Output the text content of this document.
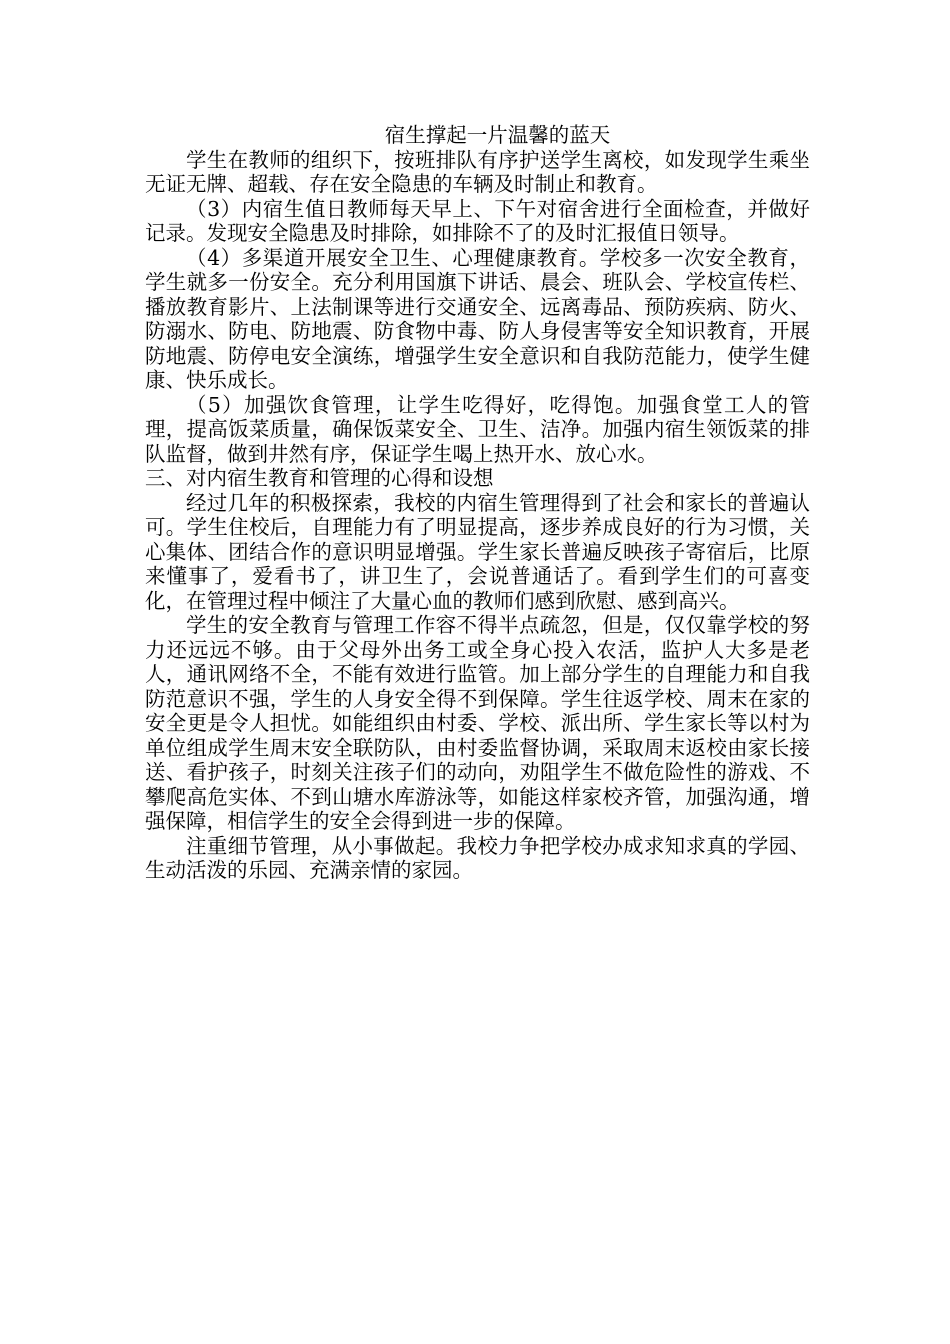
宿生撑起一片温馨的蓝天

学生在教师的组织下，按班排队有序护送学生离校，如发现学生乘坐无证无牌、超载、存在安全隐患的车辆及时制止和教育。

（3）内宿生值日教师每天早上、下午对宿舍进行全面检查，并做好记录。发现安全隐患及时排除，如排除不了的及时汇报值日领导。

（4）多渠道开展安全卫生、心理健康教育。学校多一次安全教育，学生就多一份安全。充分利用国旗下讲话、晨会、班队会、学校宣传栏、播放教育影片、上法制课等进行交通安全、远离毒品、预防疾病、防火、防溺水、防电、防地震、防食物中毒、防人身侵害等安全知识教育，开展防地震、防停电安全演练，增强学生安全意识和自我防范能力，使学生健康、快乐成长。

（5）加强饮食管理，让学生吃得好，吃得饱。加强食堂工人的管理，提高饭菜质量，确保饭菜安全、卫生、洁净。加强内宿生领饭菜的排队监督，做到井然有序，保证学生喝上热开水、放心水。

三、对内宿生教育和管理的心得和设想

经过几年的积极探索，我校的内宿生管理得到了社会和家长的普遍认可。学生住校后，自理能力有了明显提高，逐步养成良好的行为习惯，关心集体、团结合作的意识明显增强。学生家长普遍反映孩子寄宿后，比原来懂事了，爱看书了，讲卫生了，会说普通话了。看到学生们的可喜变化，在管理过程中倾注了大量心血的教师们感到欣慰、感到高兴。

学生的安全教育与管理工作容不得半点疏忽，但是，仅仅靠学校的努力还远远不够。由于父母外出务工或全身心投入农活，监护人大多是老人，通讯网络不全，不能有效进行监管。加上部分学生的自理能力和自我防范意识不强，学生的人身安全得不到保障。学生往返学校、周末在家的安全更是令人担忧。如能组织由村委、学校、派出所、学生家长等以村为单位组成学生周末安全联防队，由村委监督协调，采取周末返校由家长接送、看护孩子，时刻关注孩子们的动向，劝阻学生不做危险性的游戏、不攀爬高危实体、不到山塘水库游泳等，如能这样家校齐管，加强沟通，增强保障，相信学生的安全会得到进一步的保障。

注重细节管理，从小事做起。我校力争把学校办成求知求真的学园、生动活泼的乐园、充满亲情的家园。
